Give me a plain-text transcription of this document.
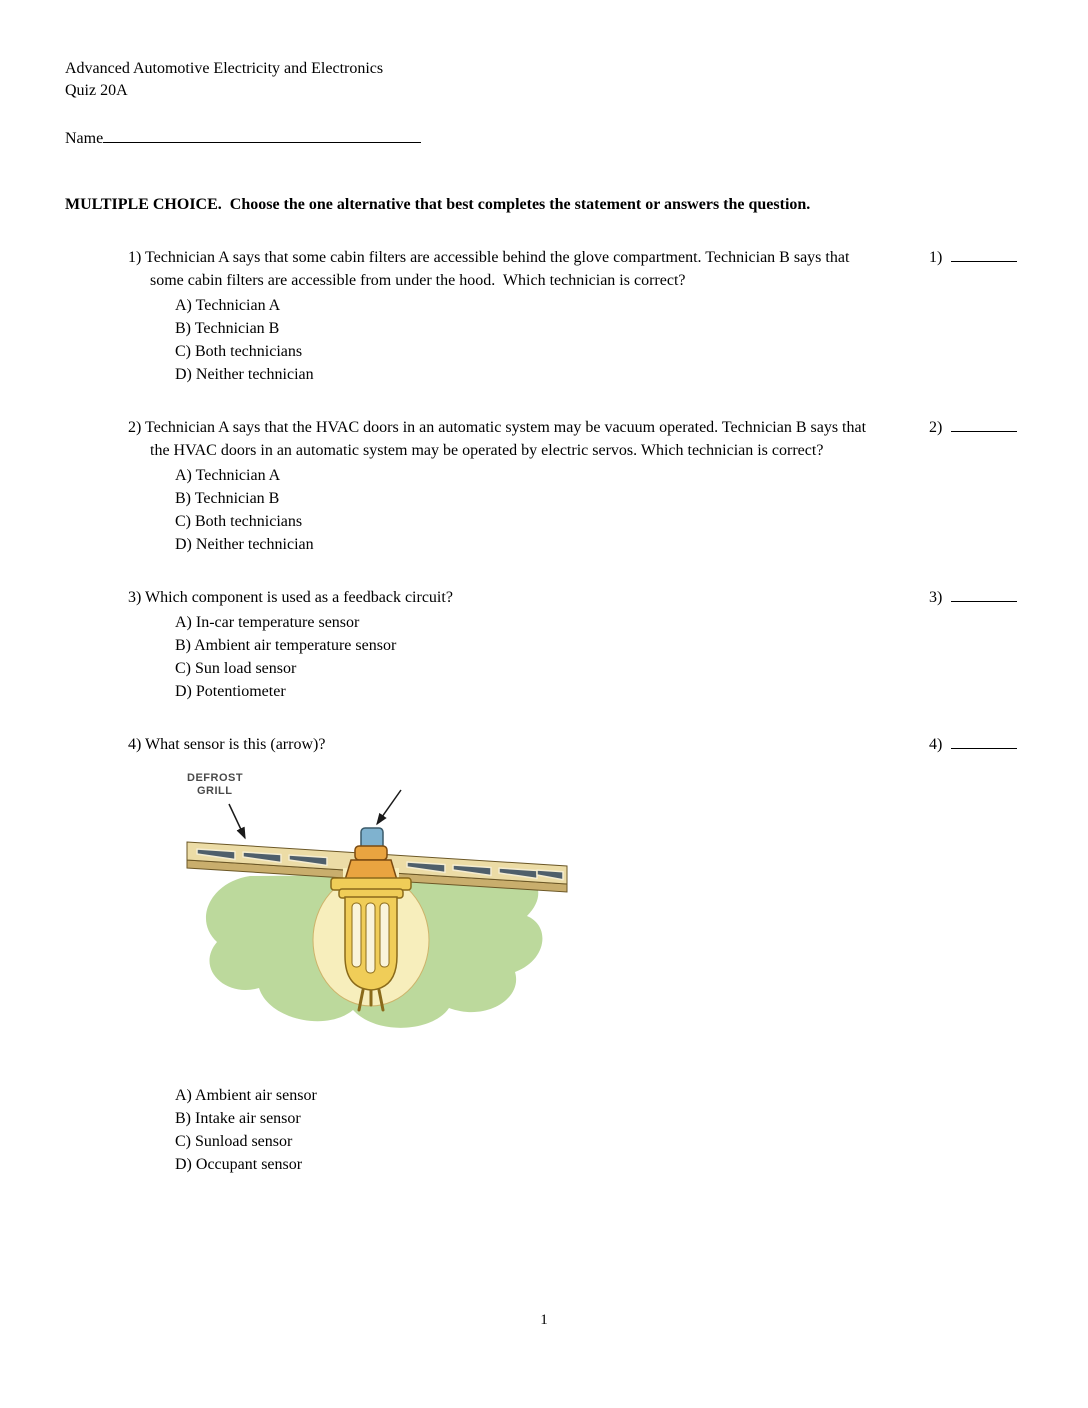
Advanced Automotive Electricity and Electronics

Quiz 20A

Name

MULTIPLE CHOICE.  Choose the one alternative that best completes the statement or answers the question.

1) Technician A says that some cabin filters are accessible behind the glove compartment. Technician B says that some cabin filters are accessible from under the hood.  Which technician is correct?

A) Technician A

B) Technician B

C) Both technicians

D) Neither technician

1)

2) Technician A says that the HVAC doors in an automatic system may be vacuum operated. Technician B says that the HVAC doors in an automatic system may be operated by electric servos. Which technician is correct?

A) Technician A

B) Technician B

C) Both technicians

D) Neither technician

2)

3) Which component is used as a feedback circuit?

A) In-car temperature sensor

B) Ambient air temperature sensor

C) Sun load sensor

D) Potentiometer

3)

4) What sensor is this (arrow)?	4)
DEFROST
GRILL

A) Ambient air sensor

B) Intake air sensor

C) Sunload sensor

D) Occupant sensor

1
